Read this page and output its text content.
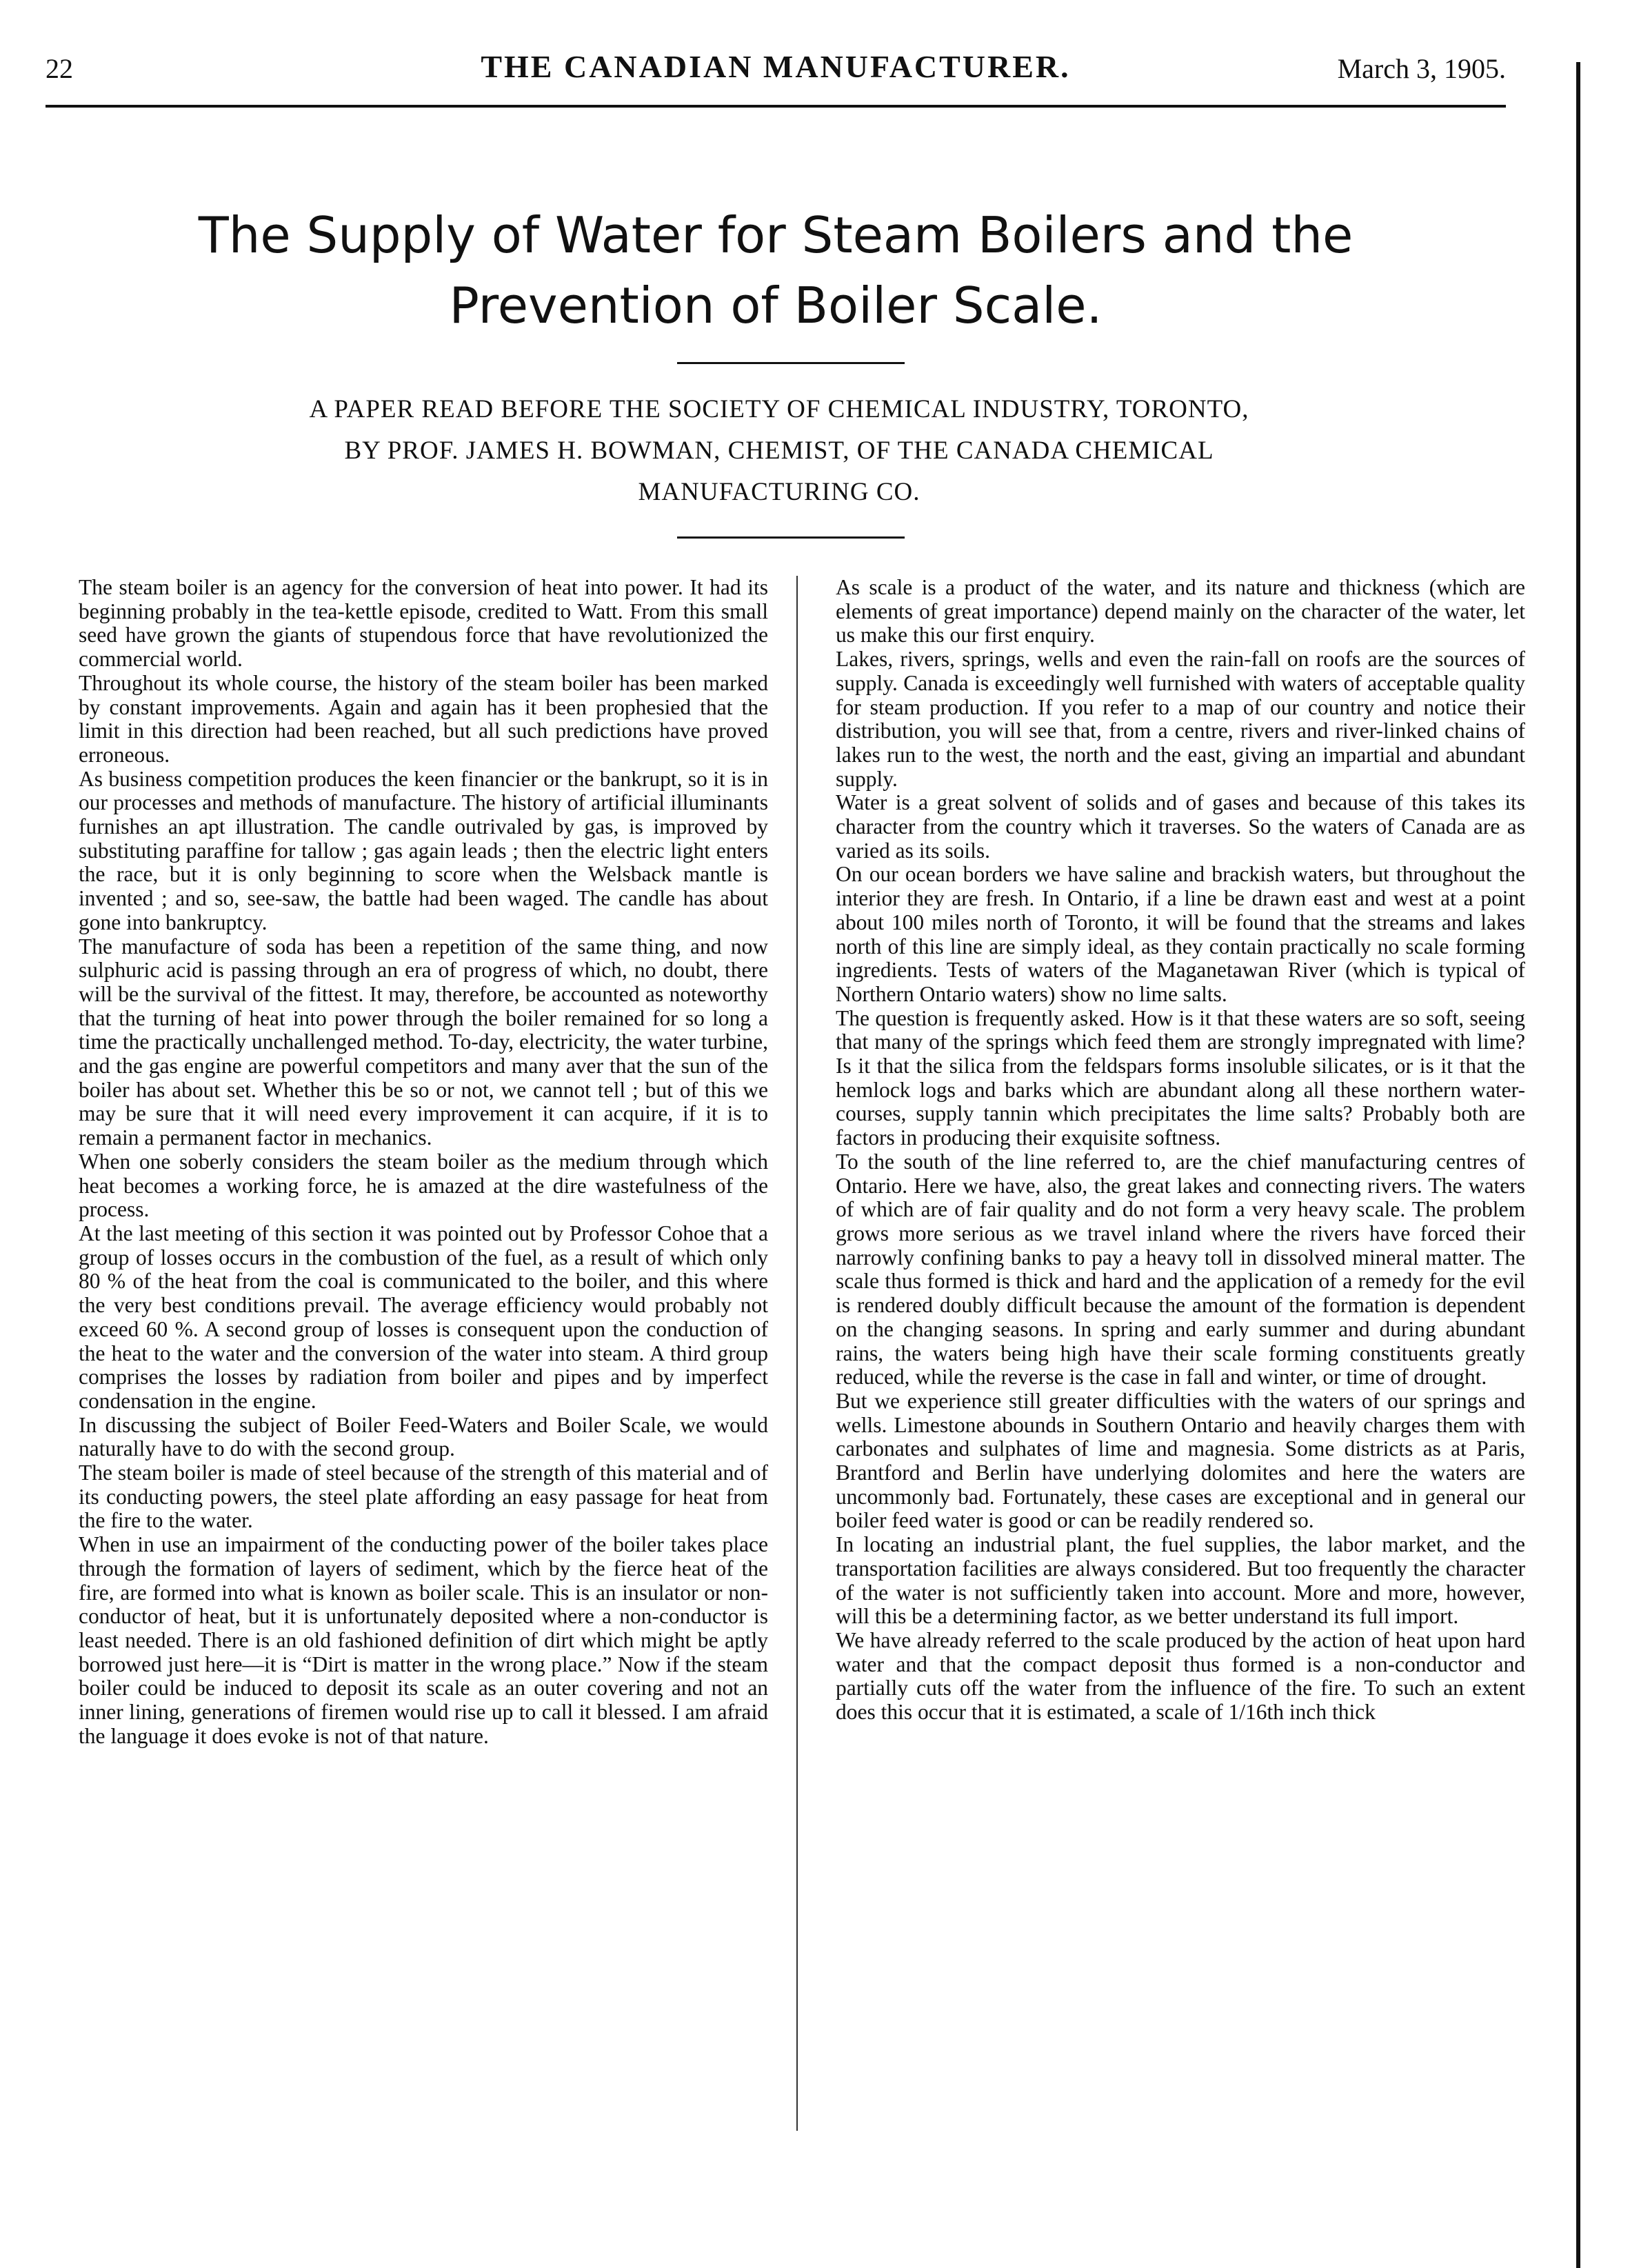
22	THE CANADIAN MANUFACTURER.	March 3, 1905.
The Supply of Water for Steam Boilers and the Prevention of Boiler Scale.
A PAPER READ BEFORE THE SOCIETY OF CHEMICAL INDUSTRY, TORONTO, BY PROF. JAMES H. BOWMAN, CHEMIST, OF THE CANADA CHEMICAL MANUFACTURING CO.

The steam boiler is an agency for the conversion of heat into power. It had its beginning probably in the tea-kettle episode, credited to Watt. From this small seed have grown the giants of stupendous force that have revolutionized the commercial world.

Throughout its whole course, the history of the steam boiler has been marked by constant improvements. Again and again has it been prophesied that the limit in this direction had been reached, but all such predictions have proved erroneous.

As business competition produces the keen financier or the bankrupt, so it is in our processes and methods of manufacture. The history of artificial illuminants furnishes an apt illustration. The candle outrivaled by gas, is improved by substituting paraffine for tallow ; gas again leads ; then the electric light enters the race, but it is only beginning to score when the Welsback mantle is invented ; and so, see-saw, the battle had been waged. The candle has about gone into bankruptcy.

The manufacture of soda has been a repetition of the same thing, and now sulphuric acid is passing through an era of progress of which, no doubt, there will be the survival of the fittest. It may, therefore, be accounted as noteworthy that the turning of heat into power through the boiler remained for so long a time the practically unchallenged method. To-day, electricity, the water turbine, and the gas engine are powerful competitors and many aver that the sun of the boiler has about set. Whether this be so or not, we cannot tell ; but of this we may be sure that it will need every improvement it can acquire, if it is to remain a permanent factor in mechanics.

When one soberly considers the steam boiler as the medium through which heat becomes a working force, he is amazed at the dire wastefulness of the process.

At the last meeting of this section it was pointed out by Professor Cohoe that a group of losses occurs in the combustion of the fuel, as a result of which only 80 % of the heat from the coal is communicated to the boiler, and this where the very best conditions prevail. The average efficiency would probably not exceed 60 %. A second group of losses is consequent upon the conduction of the heat to the water and the conversion of the water into steam. A third group comprises the losses by radiation from boiler and pipes and by imperfect condensation in the engine.

In discussing the subject of Boiler Feed-Waters and Boiler Scale, we would naturally have to do with the second group.

The steam boiler is made of steel because of the strength of this material and of its conducting powers, the steel plate affording an easy passage for heat from the fire to the water.

When in use an impairment of the conducting power of the boiler takes place through the formation of layers of sediment, which by the fierce heat of the fire, are formed into what is known as boiler scale. This is an insulator or non-conductor of heat, but it is unfortunately deposited where a non-conductor is least needed. There is an old fashioned definition of dirt which might be aptly borrowed just here—it is “Dirt is matter in the wrong place.” Now if the steam boiler could be induced to deposit its scale as an outer covering and not an inner lining, generations of firemen would rise up to call it blessed. I am afraid the language it does evoke is not of that nature.

As scale is a product of the water, and its nature and thickness (which are elements of great importance) depend mainly on the character of the water, let us make this our first enquiry.

Lakes, rivers, springs, wells and even the rain-fall on roofs are the sources of supply. Canada is exceedingly well furnished with waters of acceptable quality for steam production. If you refer to a map of our country and notice their distribution, you will see that, from a centre, rivers and river-linked chains of lakes run to the west, the north and the east, giving an impartial and abundant supply.

Water is a great solvent of solids and of gases and because of this takes its character from the country which it traverses. So the waters of Canada are as varied as its soils.

On our ocean borders we have saline and brackish waters, but throughout the interior they are fresh. In Ontario, if a line be drawn east and west at a point about 100 miles north of Toronto, it will be found that the streams and lakes north of this line are simply ideal, as they contain practically no scale forming ingredients. Tests of waters of the Maganetawan River (which is typical of Northern Ontario waters) show no lime salts.

The question is frequently asked. How is it that these waters are so soft, seeing that many of the springs which feed them are strongly impregnated with lime? Is it that the silica from the feldspars forms insoluble silicates, or is it that the hemlock logs and barks which are abundant along all these northern water-courses, supply tannin which precipitates the lime salts? Probably both are factors in producing their exquisite softness.

To the south of the line referred to, are the chief manufacturing centres of Ontario. Here we have, also, the great lakes and connecting rivers. The waters of which are of fair quality and do not form a very heavy scale. The problem grows more serious as we travel inland where the rivers have forced their narrowly confining banks to pay a heavy toll in dissolved mineral matter. The scale thus formed is thick and hard and the application of a remedy for the evil is rendered doubly difficult because the amount of the formation is dependent on the changing seasons. In spring and early summer and during abundant rains, the waters being high have their scale forming constituents greatly reduced, while the reverse is the case in fall and winter, or time of drought.

But we experience still greater difficulties with the waters of our springs and wells. Limestone abounds in Southern Ontario and heavily charges them with carbonates and sulphates of lime and magnesia. Some districts as at Paris, Brantford and Berlin have underlying dolomites and here the waters are uncommonly bad. Fortunately, these cases are exceptional and in general our boiler feed water is good or can be readily rendered so.

In locating an industrial plant, the fuel supplies, the labor market, and the transportation facilities are always considered. But too frequently the character of the water is not sufficiently taken into account. More and more, however, will this be a determining factor, as we better understand its full import.

We have already referred to the scale produced by the action of heat upon hard water and that the compact deposit thus formed is a non-conductor and partially cuts off the water from the influence of the fire. To such an extent does this occur that it is estimated, a scale of 1/16th inch thick
